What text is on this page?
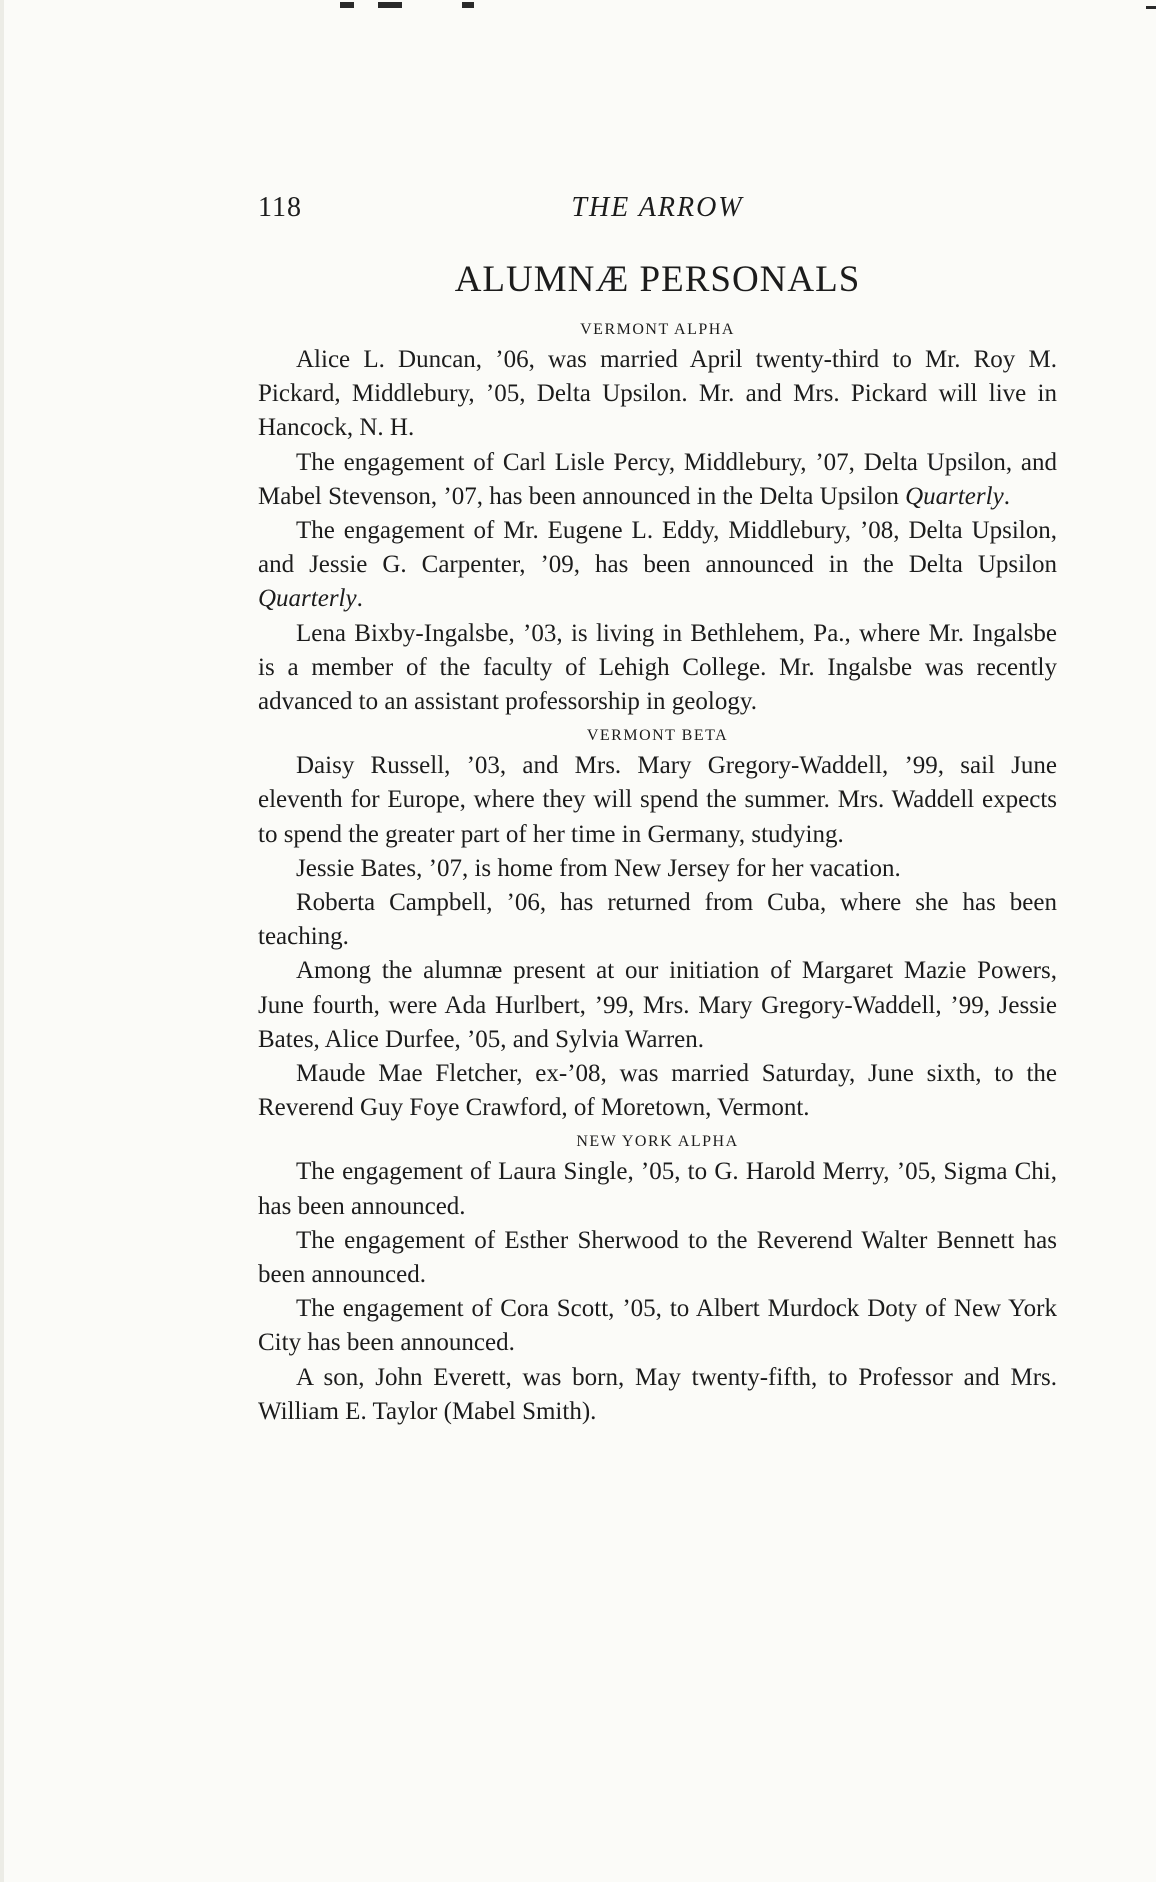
118	THE ARROW
ALUMNÆ PERSONALS
VERMONT ALPHA

Alice L. Duncan, ’06, was married April twenty-third to Mr. Roy M. Pickard, Middlebury, ’05, Delta Upsilon. Mr. and Mrs. Pickard will live in Hancock, N. H.

The engagement of Carl Lisle Percy, Middlebury, ’07, Delta Upsilon, and Mabel Stevenson, ’07, has been announced in the Delta Upsilon Quarterly.

The engagement of Mr. Eugene L. Eddy, Middlebury, ’08, Delta Upsilon, and Jessie G. Carpenter, ’09, has been announced in the Delta Upsilon Quarterly.

Lena Bixby-Ingalsbe, ’03, is living in Bethlehem, Pa., where Mr. Ingalsbe is a member of the faculty of Lehigh College. Mr. Ingalsbe was recently advanced to an assistant professorship in geology.

VERMONT BETA

Daisy Russell, ’03, and Mrs. Mary Gregory-Waddell, ’99, sail June eleventh for Europe, where they will spend the summer. Mrs. Waddell expects to spend the greater part of her time in Germany, studying.

Jessie Bates, ’07, is home from New Jersey for her vacation.

Roberta Campbell, ’06, has returned from Cuba, where she has been teaching.

Among the alumnæ present at our initiation of Margaret Mazie Powers, June fourth, were Ada Hurlbert, ’99, Mrs. Mary Gregory-Waddell, ’99, Jessie Bates, Alice Durfee, ’05, and Sylvia Warren.

Maude Mae Fletcher, ex-’08, was married Saturday, June sixth, to the Reverend Guy Foye Crawford, of Moretown, Vermont.

NEW YORK ALPHA

The engagement of Laura Single, ’05, to G. Harold Merry, ’05, Sigma Chi, has been announced.

The engagement of Esther Sherwood to the Reverend Walter Bennett has been announced.

The engagement of Cora Scott, ’05, to Albert Murdock Doty of New York City has been announced.

A son, John Everett, was born, May twenty-fifth, to Professor and Mrs. William E. Taylor (Mabel Smith).
